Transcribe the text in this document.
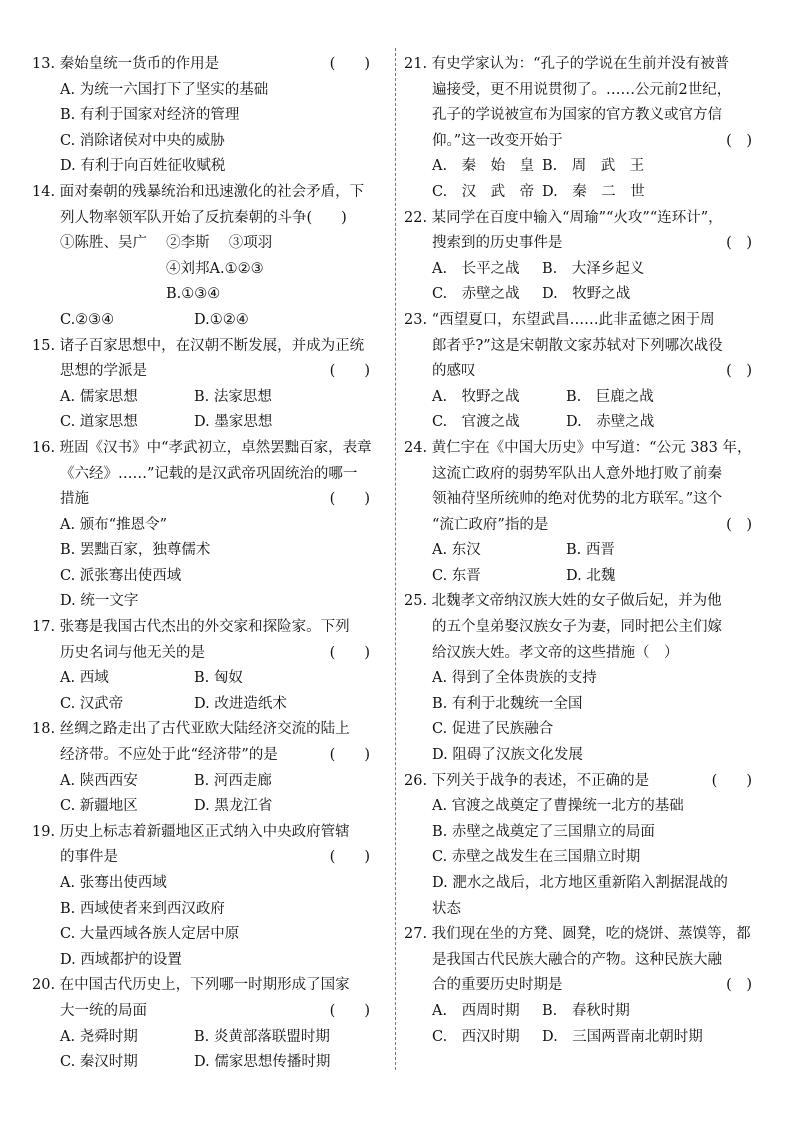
13. 秦始皇统一货币的作用是	(　　)
A. 为统一六国打下了坚实的基础
B. 有利于国家对经济的管理
C. 消除诸侯对中央的威胁
D. 有利于向百姓征收赋税
14. 面对秦朝的残暴统治和迅速激化的社会矛盾，下
列人物率领军队开始了反抗秦朝的斗争(　　)
①陈胜、吴广　 ②李斯　 ③项羽
④刘邦A.①②③
B.①③④
C.②③④	D.①②④
15. 诸子百家思想中，在汉朝不断发展，并成为正统
思想的学派是	(　　)
A. 儒家思想	B. 法家思想
C. 道家思想	D. 墨家思想
16. 班固《汉书》中“孝武初立，卓然罢黜百家，表章
《六经》……”记载的是汉武帝巩固统治的哪一
措施	(　　)
A. 颁布“推恩令”
B. 罢黜百家，独尊儒术
C. 派张骞出使西域
D. 统一文字
17. 张骞是我国古代杰出的外交家和探险家。下列
历史名词与他无关的是	(　　)
A. 西域	B. 匈奴
C. 汉武帝	D. 改进造纸术
18. 丝绸之路走出了古代亚欧大陆经济交流的陆上
经济带。不应处于此“经济带”的是	(　　)
A. 陕西西安	B. 河西走廊
C. 新疆地区	D. 黑龙江省
19. 历史上标志着新疆地区正式纳入中央政府管辖
的事件是	(　　)
A. 张骞出使西域
B. 西域使者来到西汉政府
C. 大量西域各族人定居中原
D. 西域都护的设置
20. 在中国古代历史上，下列哪一时期形成了国家
大一统的局面	(　　)
A. 尧舜时期	B. 炎黄部落联盟时期
C. 秦汉时期	D. 儒家思想传播时期
21. 有史学家认为：“孔子的学说在生前并没有被普
遍接受，更不用说贯彻了。……公元前2世纪，
孔子的学说被宣布为国家的官方教义或官方信
仰。”这一改变开始于	(　)
A.　秦　始　皇 B.　周　武　王
C.　汉　武　帝 D.　秦　二　世
22. 某同学在百度中输入“周瑜”“火攻”“连环计”，
搜索到的历史事件是	(　)
A.　长平之战	B.　大泽乡起义
C.　赤壁之战	D.　牧野之战
23. “西望夏口，东望武昌……此非孟德之困于周
郎者乎?”这是宋朝散文家苏轼对下列哪次战役
的感叹	(　)
A.　牧野之战	B.　巨鹿之战
C.　官渡之战	D.　赤壁之战
24. 黄仁宇在《中国大历史》中写道：“公元 383 年，
这流亡政府的弱势军队出人意外地打败了前秦
领袖苻坚所统帅的绝对优势的北方联军。”这个
“流亡政府”指的是	(　)
A. 东汉	B. 西晋
C. 东晋	D. 北魏
25. 北魏孝文帝纳汉族大姓的女子做后妃，并为他
的五个皇弟娶汉族女子为妻，同时把公主们嫁
给汉族大姓。孝文帝的这些措施（　）
A. 得到了全体贵族的支持
B. 有利于北魏统一全国
C. 促进了民族融合
D. 阻碍了汉族文化发展
26. 下列关于战争的表述，不正确的是	(　　)
A. 官渡之战奠定了曹操统一北方的基础
B. 赤壁之战奠定了三国鼎立的局面
C. 赤壁之战发生在三国鼎立时期
D. 淝水之战后，北方地区重新陷入割据混战的
状态
27. 我们现在坐的方凳、圆凳，吃的烧饼、蒸馍等，都
是我国古代民族大融合的产物。这种民族大融
合的重要历史时期是	(　)
A.　西周时期	B.　春秋时期
C.　西汉时期	D.　三国两晋南北朝时期
